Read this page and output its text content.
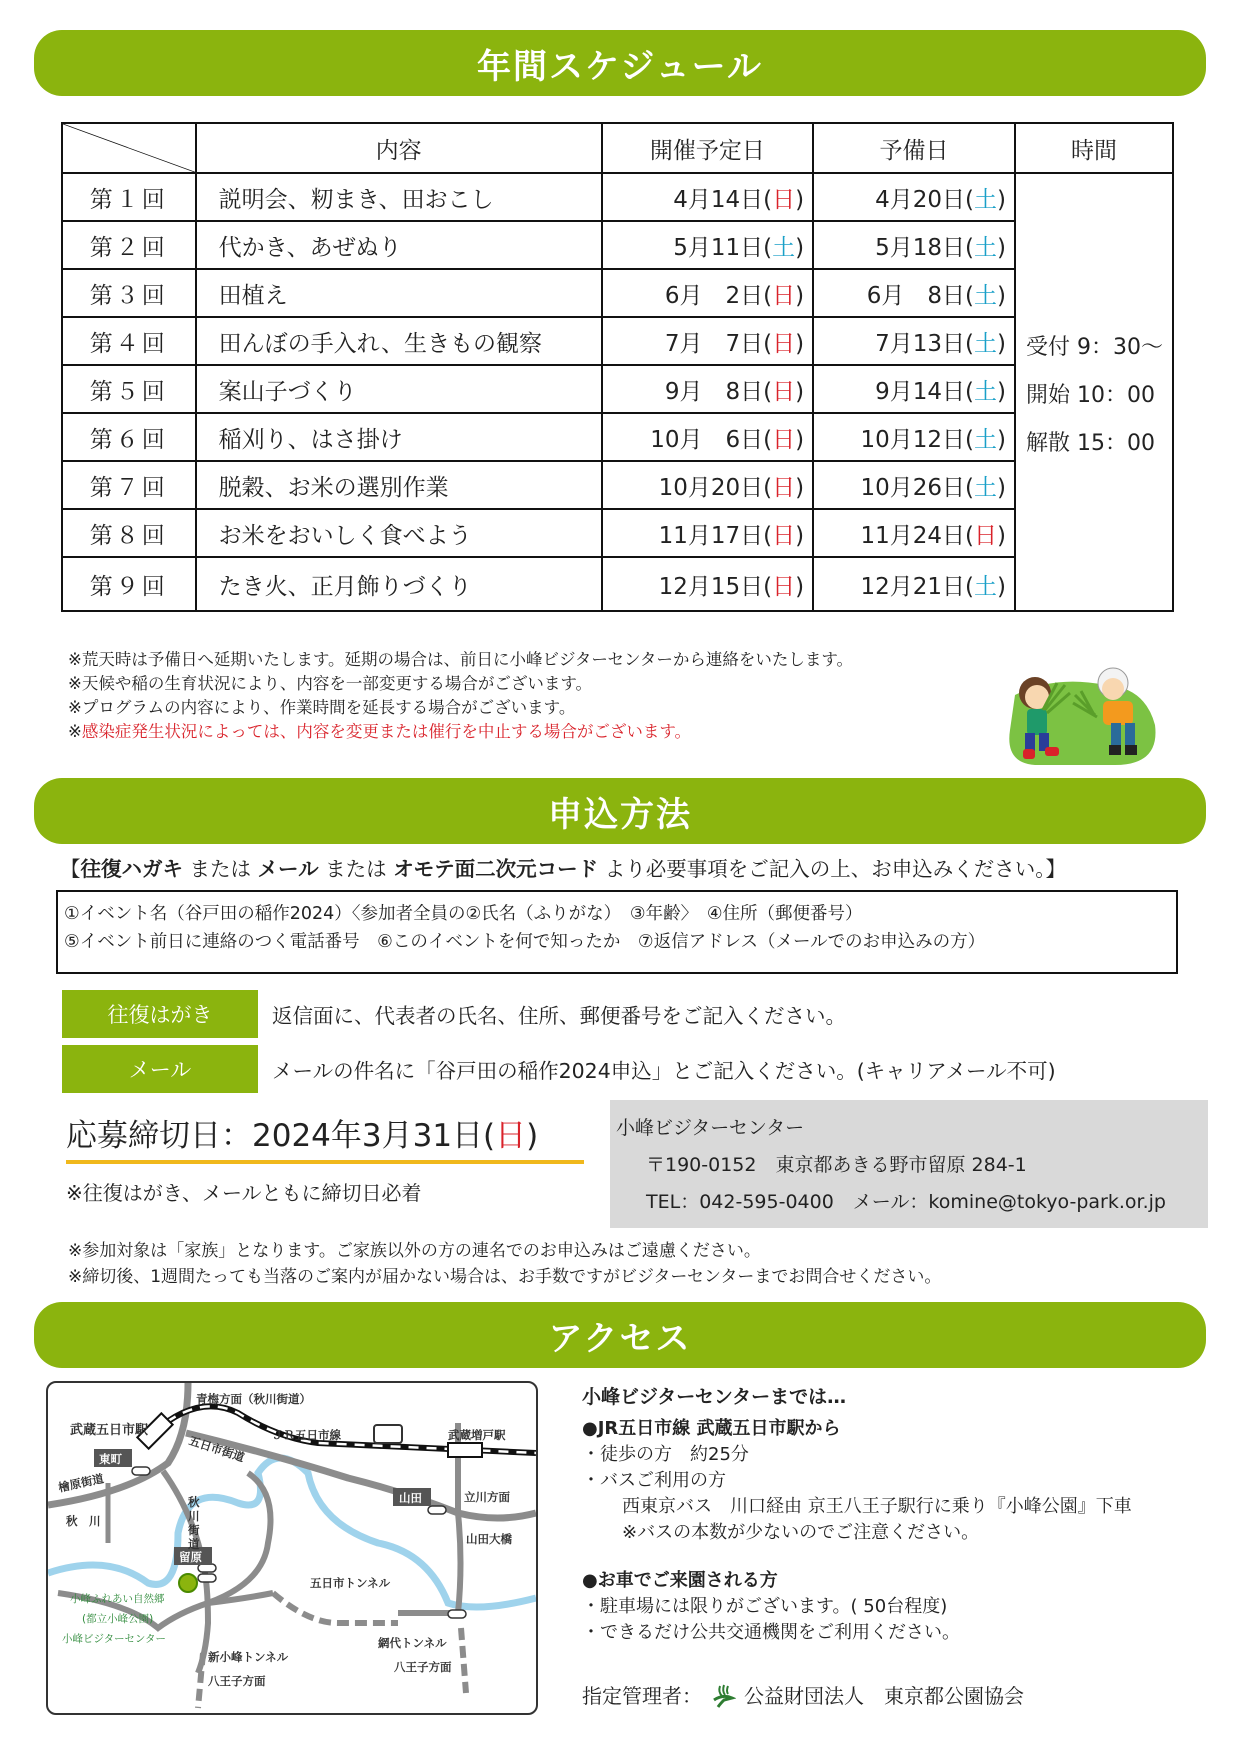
年間スケジュール
	内容	開催予定日	予備日	時間
第１回	説明会、籾まき、田おこし	4月14日(日)	4月20日(土)	受付 9：30～
開始 10：00
解散 15：00

第２回	代かき、あぜぬり	5月11日(土)	5月18日(土)	
第３回	田植え	6月　2日(日)	6月　8日(土)	
第４回	田んぼの手入れ、生きもの観察	7月　7日(日)	7月13日(土)	
第５回	案山子づくり	9月　8日(日)	9月14日(土)	
第６回	稲刈り、はさ掛け	10月　6日(日)	10月12日(土)	
第７回	脱穀、お米の選別作業	10月20日(日)	10月26日(土)	
第８回	お米をおいしく食べよう	11月17日(日)	11月24日(日)	
第９回	たき火、正月飾りづくり	12月15日(日)	12月21日(土)	
※荒天時は予備日へ延期いたします。延期の場合は、前日に小峰ビジターセンターから連絡をいたします。
※天候や稲の生育状況により、内容を一部変更する場合がございます。
※プログラムの内容により、作業時間を延長する場合がございます。
※感染症発生状況によっては、内容を変更または催行を中止する場合がございます。
申込方法
【往復ハガキ または メール または オモテ面二次元コード より必要事項をご記入の上、お申込みください。】
①イベント名（谷戸田の稲作2024）〈参加者全員の②氏名（ふりがな）　③年齢〉　④住所（郵便番号）
⑤イベント前日に連絡のつく電話番号　⑥このイベントを何で知ったか　⑦返信アドレス（メールでのお申込みの方）
往復はがき	返信面に、代表者の氏名、住所、郵便番号をご記入ください。
メール	メールの件名に「谷戸田の稲作2024申込」とご記入ください。(キャリアメール不可)
応募締切日：2024年3月31日(日)
※往復はがき、メールともに締切日必着
小峰ビジターセンター
〒190-0152　東京都あきる野市留原 284-1
TEL：042-595-0400　メール：komine@tokyo-park.or.jp
※参加対象は「家族」となります。ご家族以外の方の連名でのお申込みはご遠慮ください。
※締切後、1週間たっても当落のご案内が届かない場合は、お手数ですがビジターセンターまでお問合せください。
アクセス
青梅方面（秋川街道）
武蔵五日市駅	ＪＲ五日市線	武蔵増戸駅
東町	五日市街道
檜原街道
秋　川
秋川街道
山田	立川方面
山田大橋
留原
五日市トンネル
小峰ふれあい自然郷
(都立小峰公園)
小峰ビジターセンター
新小峰トンネル
八王子方面
網代トンネル
八王子方面
小峰ビジターセンターまでは…
●JR五日市線 武蔵五日市駅から
・徒歩の方　約25分
・バスご利用の方
西東京バス　川口経由 京王八王子駅行に乗り『小峰公園』下車
※バスの本数が少ないのでご注意ください。
●お車でご来園される方
・駐車場には限りがございます。( 50台程度)
・できるだけ公共交通機関をご利用ください。
指定管理者： 公益財団法人　東京都公園協会
